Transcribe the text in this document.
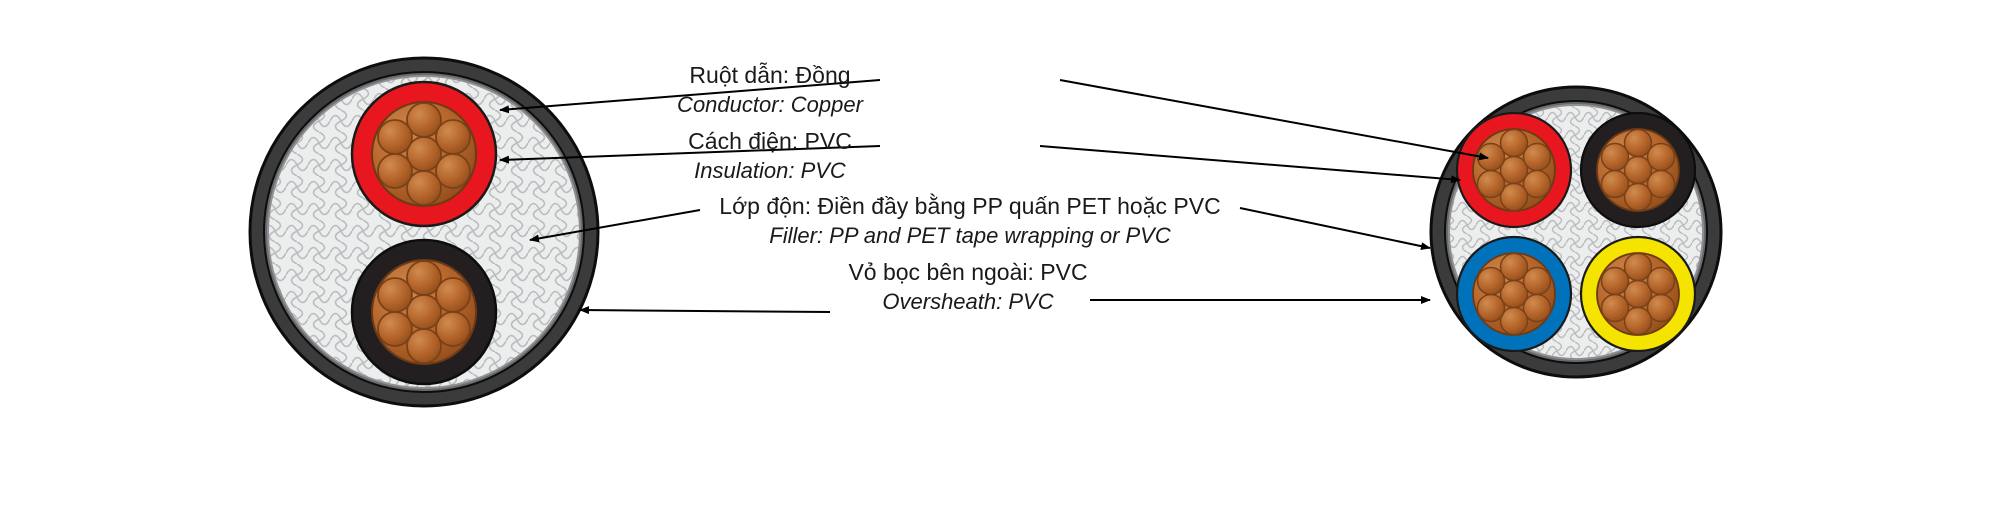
Ruột dẫn: Đồng
Conductor: Copper
Cách điện: PVC
Insulation: PVC
Lớp độn: Điền đầy bằng PP quấn PET hoặc PVC
Filler: PP and PET tape wrapping or PVC
Vỏ bọc bên ngoài: PVC
Oversheath: PVC
